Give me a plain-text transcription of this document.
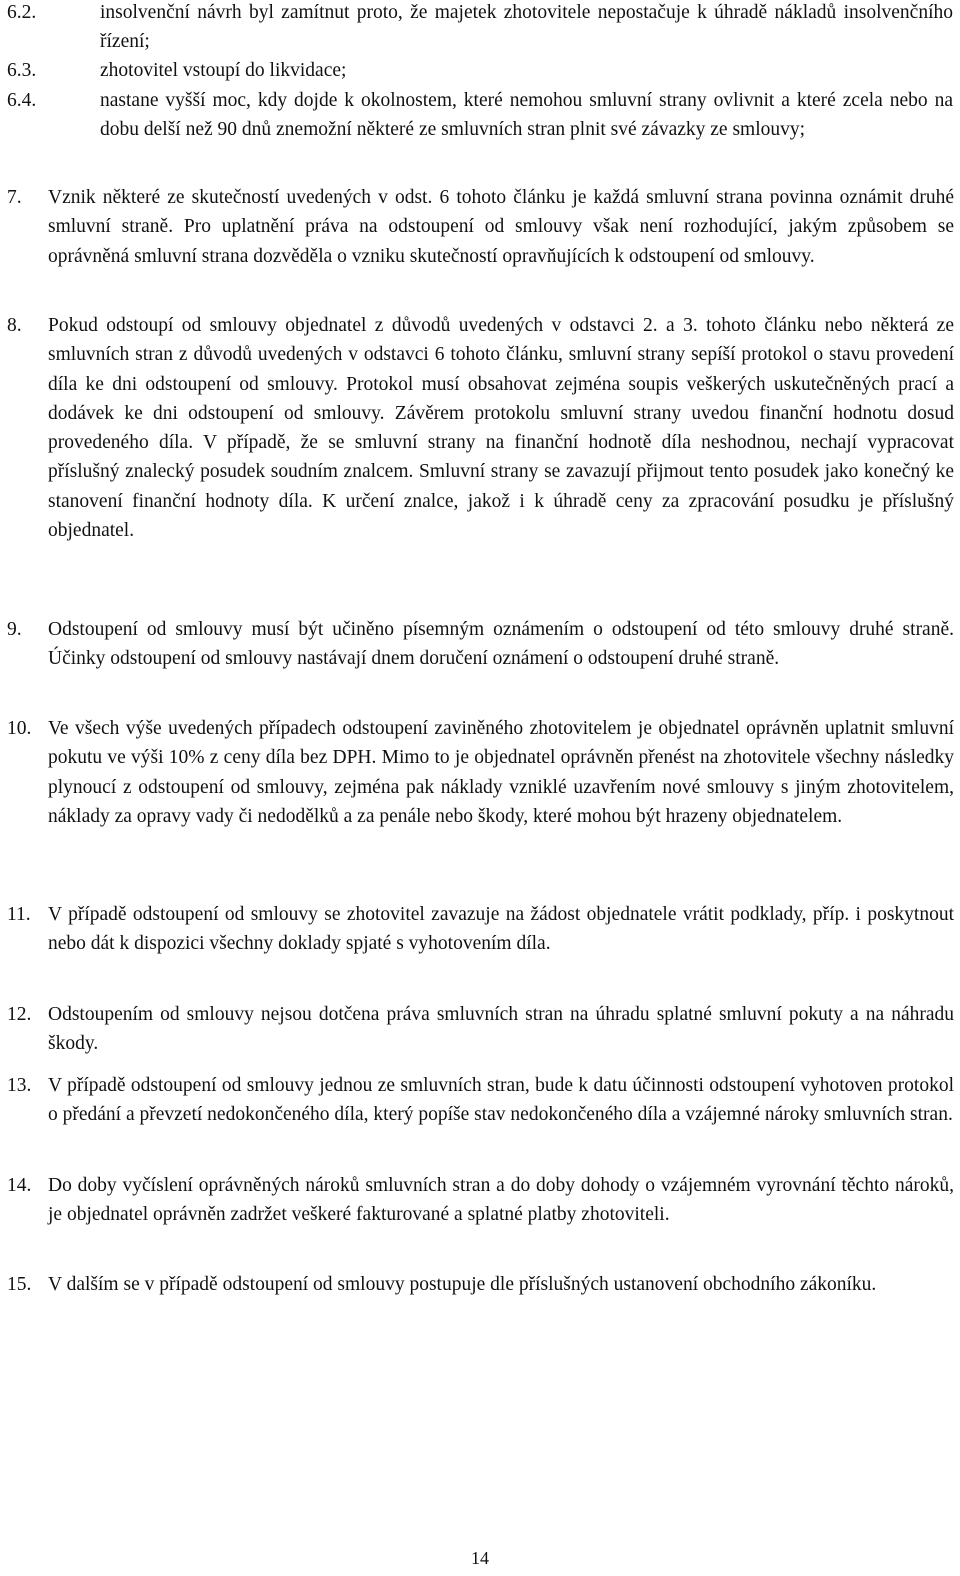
6.2.	insolvenční návrh byl zamítnut proto, že majetek zhotovitele nepostačuje k úhradě nákladů insolvenčního řízení;
6.3.	zhotovitel vstoupí do likvidace;
6.4.	nastane vyšší moc, kdy dojde k okolnostem, které nemohou smluvní strany ovlivnit a které zcela nebo na dobu delší než 90 dnů znemožní některé ze smluvních stran plnit své závazky ze smlouvy;
7. Vznik některé ze skutečností uvedených v odst. 6 tohoto článku je každá smluvní strana povinna oznámit druhé smluvní straně. Pro uplatnění práva na odstoupení od smlouvy však není rozhodující, jakým způsobem se oprávněná smluvní strana dozvěděla o vzniku skutečností opravňujících k odstoupení od smlouvy.
8. Pokud odstoupí od smlouvy objednatel z důvodů uvedených v odstavci 2. a 3. tohoto článku nebo některá ze smluvních stran z důvodů uvedených v odstavci 6 tohoto článku, smluvní strany sepíší protokol o stavu provedení díla ke dni odstoupení od smlouvy. Protokol musí obsahovat zejména soupis veškerých uskutečněných prací a dodávek ke dni odstoupení od smlouvy. Závěrem protokolu smluvní strany uvedou finanční hodnotu dosud provedeného díla. V případě, že se smluvní strany na finanční hodnotě díla neshodnou, nechají vypracovat příslušný znalecký posudek soudním znalcem. Smluvní strany se zavazují přijmout tento posudek jako konečný ke stanovení finanční hodnoty díla. K určení znalce, jakož i k úhradě ceny za zpracování posudku je příslušný objednatel.
9. Odstoupení od smlouvy musí být učiněno písemným oznámením o odstoupení od této smlouvy druhé straně. Účinky odstoupení od smlouvy nastávají dnem doručení oznámení o odstoupení druhé straně.
10. Ve všech výše uvedených případech odstoupení zaviněného zhotovitelem je objednatel oprávněn uplatnit smluvní pokutu ve výši 10% z ceny díla bez DPH. Mimo to je objednatel oprávněn přenést na zhotovitele všechny následky plynoucí z odstoupení od smlouvy, zejména pak náklady vzniklé uzavřením nové smlouvy s jiným zhotovitelem, náklady za opravy vady či nedodělků a za penále nebo škody, které mohou být hrazeny objednatelem.
11. V případě odstoupení od smlouvy se zhotovitel zavazuje na žádost objednatele vrátit podklady, příp. i poskytnout nebo dát k dispozici všechny doklady spjaté s vyhotovením díla.
12. Odstoupením od smlouvy nejsou dotčena práva smluvních stran na úhradu splatné smluvní pokuty a na náhradu škody.
13. V případě odstoupení od smlouvy jednou ze smluvních stran, bude k datu účinnosti odstoupení vyhotoven protokol o předání a převzetí nedokončeného díla, který popíše stav nedokončeného díla a vzájemné nároky smluvních stran.
14. Do doby vyčíslení oprávněných nároků smluvních stran a do doby dohody o vzájemném vyrovnání těchto nároků, je objednatel oprávněn zadržet veškeré fakturované a splatné platby zhotoviteli.
15. V dalším se v případě odstoupení od smlouvy postupuje dle příslušných ustanovení obchodního zákoníku.
14
